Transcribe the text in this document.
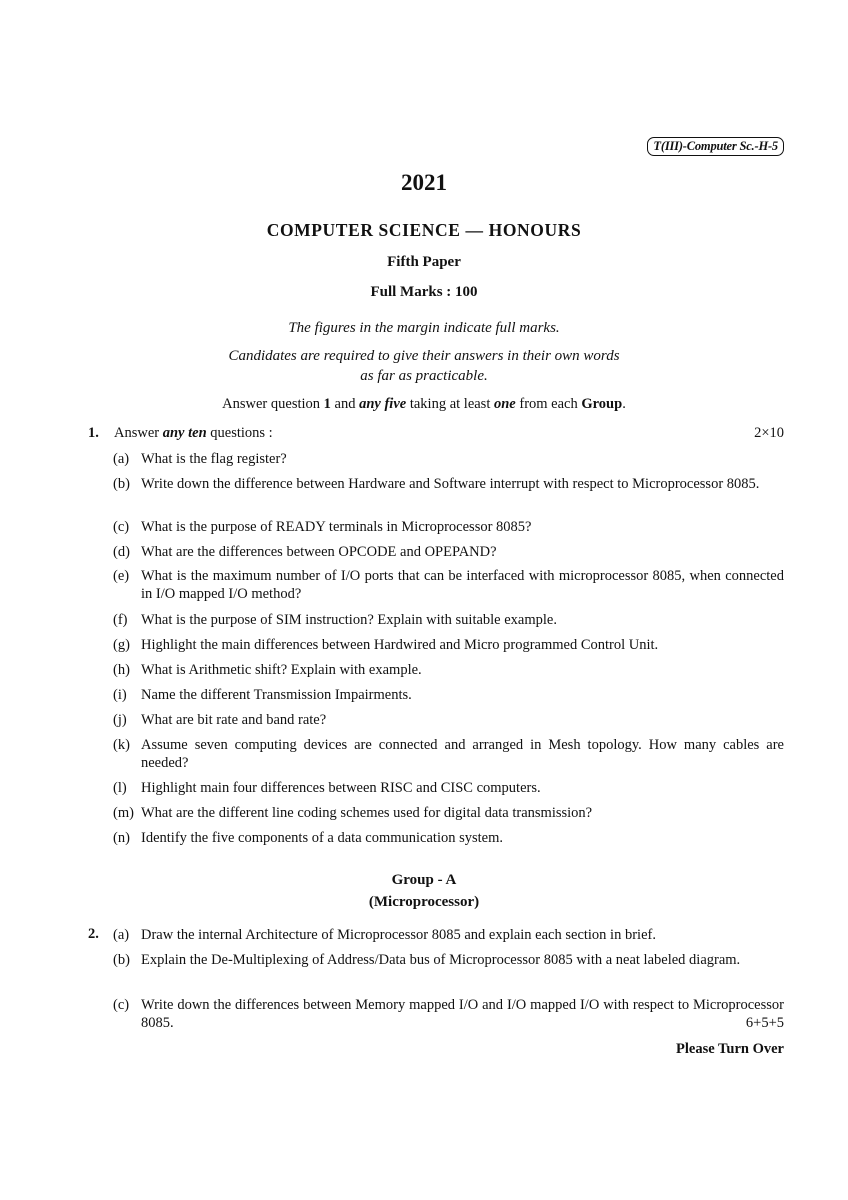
T(III)-Computer Sc.-H-5
2021
COMPUTER SCIENCE — HONOURS
Fifth Paper
Full Marks : 100
The figures in the margin indicate full marks.
Candidates are required to give their answers in their own words
as far as practicable.
Answer question 1 and any five taking at least one from each Group.
1. Answer any ten questions :	2×10
(a) What is the flag register?
(b) Write down the difference between Hardware and Software interrupt with respect to Microprocessor 8085.
(c) What is the purpose of READY terminals in Microprocessor 8085?
(d) What are the differences between OPCODE and OPEPAND?
(e) What is the maximum number of I/O ports that can be interfaced with microprocessor 8085, when connected in I/O mapped I/O method?
(f) What is the purpose of SIM instruction? Explain with suitable example.
(g) Highlight the main differences between Hardwired and Micro programmed Control Unit.
(h) What is Arithmetic shift? Explain with example.
(i) Name the different Transmission Impairments.
(j) What are bit rate and band rate?
(k) Assume seven computing devices are connected and arranged in Mesh topology. How many cables are needed?
(l) Highlight main four differences between RISC and CISC computers.
(m) What are the different line coding schemes used for digital data transmission?
(n) Identify the five components of a data communication system.
Group - A
(Microprocessor)
2. (a) Draw the internal Architecture of Microprocessor 8085 and explain each section in brief.
(b) Explain the De-Multiplexing of Address/Data bus of Microprocessor 8085 with a neat labeled diagram.
(c) Write down the differences between Memory mapped I/O and I/O mapped I/O with respect to Microprocessor 8085.	6+5+5
Please Turn Over
